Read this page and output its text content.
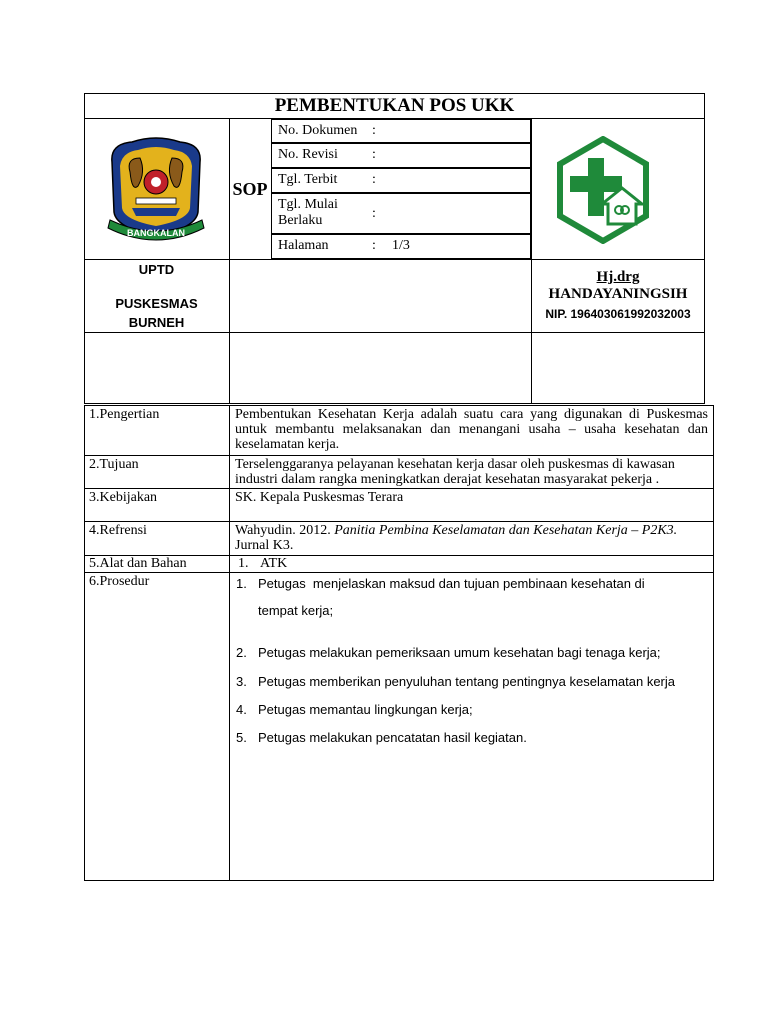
PEMBENTUKAN POS UKK
BANGKALAN
SOP
No. Dokumen	:
No. Revisi	:
Tgl. Terbit	:
Tgl. Mulai Berlaku	:
Halaman	:	1/3
UPTD
PUSKESMAS
BURNEH
Hj.drg
HANDAYANINGSIH
NIP. 196403061992032003
1.Pengertian	Pembentukan Kesehatan Kerja adalah suatu cara yang digunakan di Puskesmas untuk membantu melaksanakan dan menangani usaha – usaha kesehatan dan keselamatan kerja.
2.Tujuan	Terselenggaranya pelayanan kesehatan kerja dasar oleh puskesmas di kawasan industri dalam rangka meningkatkan derajat kesehatan masyarakat pekerja .
3.Kebijakan	SK. Kepala Puskesmas Terara
4.Refrensi	Wahyudin. 2012. Panitia Pembina Keselamatan dan Kesehatan Kerja – P2K3.
Jurnal K3.
5.Alat dan Bahan	1. ATK
6.Prosedur	1. Petugas  menjelaskan maksud dan tujuan pembinaan kesehatan di
tempat kerja;
2. Petugas melakukan pemeriksaan umum kesehatan bagi tenaga kerja;
3. Petugas memberikan penyuluhan tentang pentingnya keselamatan kerja
4. Petugas memantau lingkungan kerja;
5. Petugas melakukan pencatatan hasil kegiatan.
